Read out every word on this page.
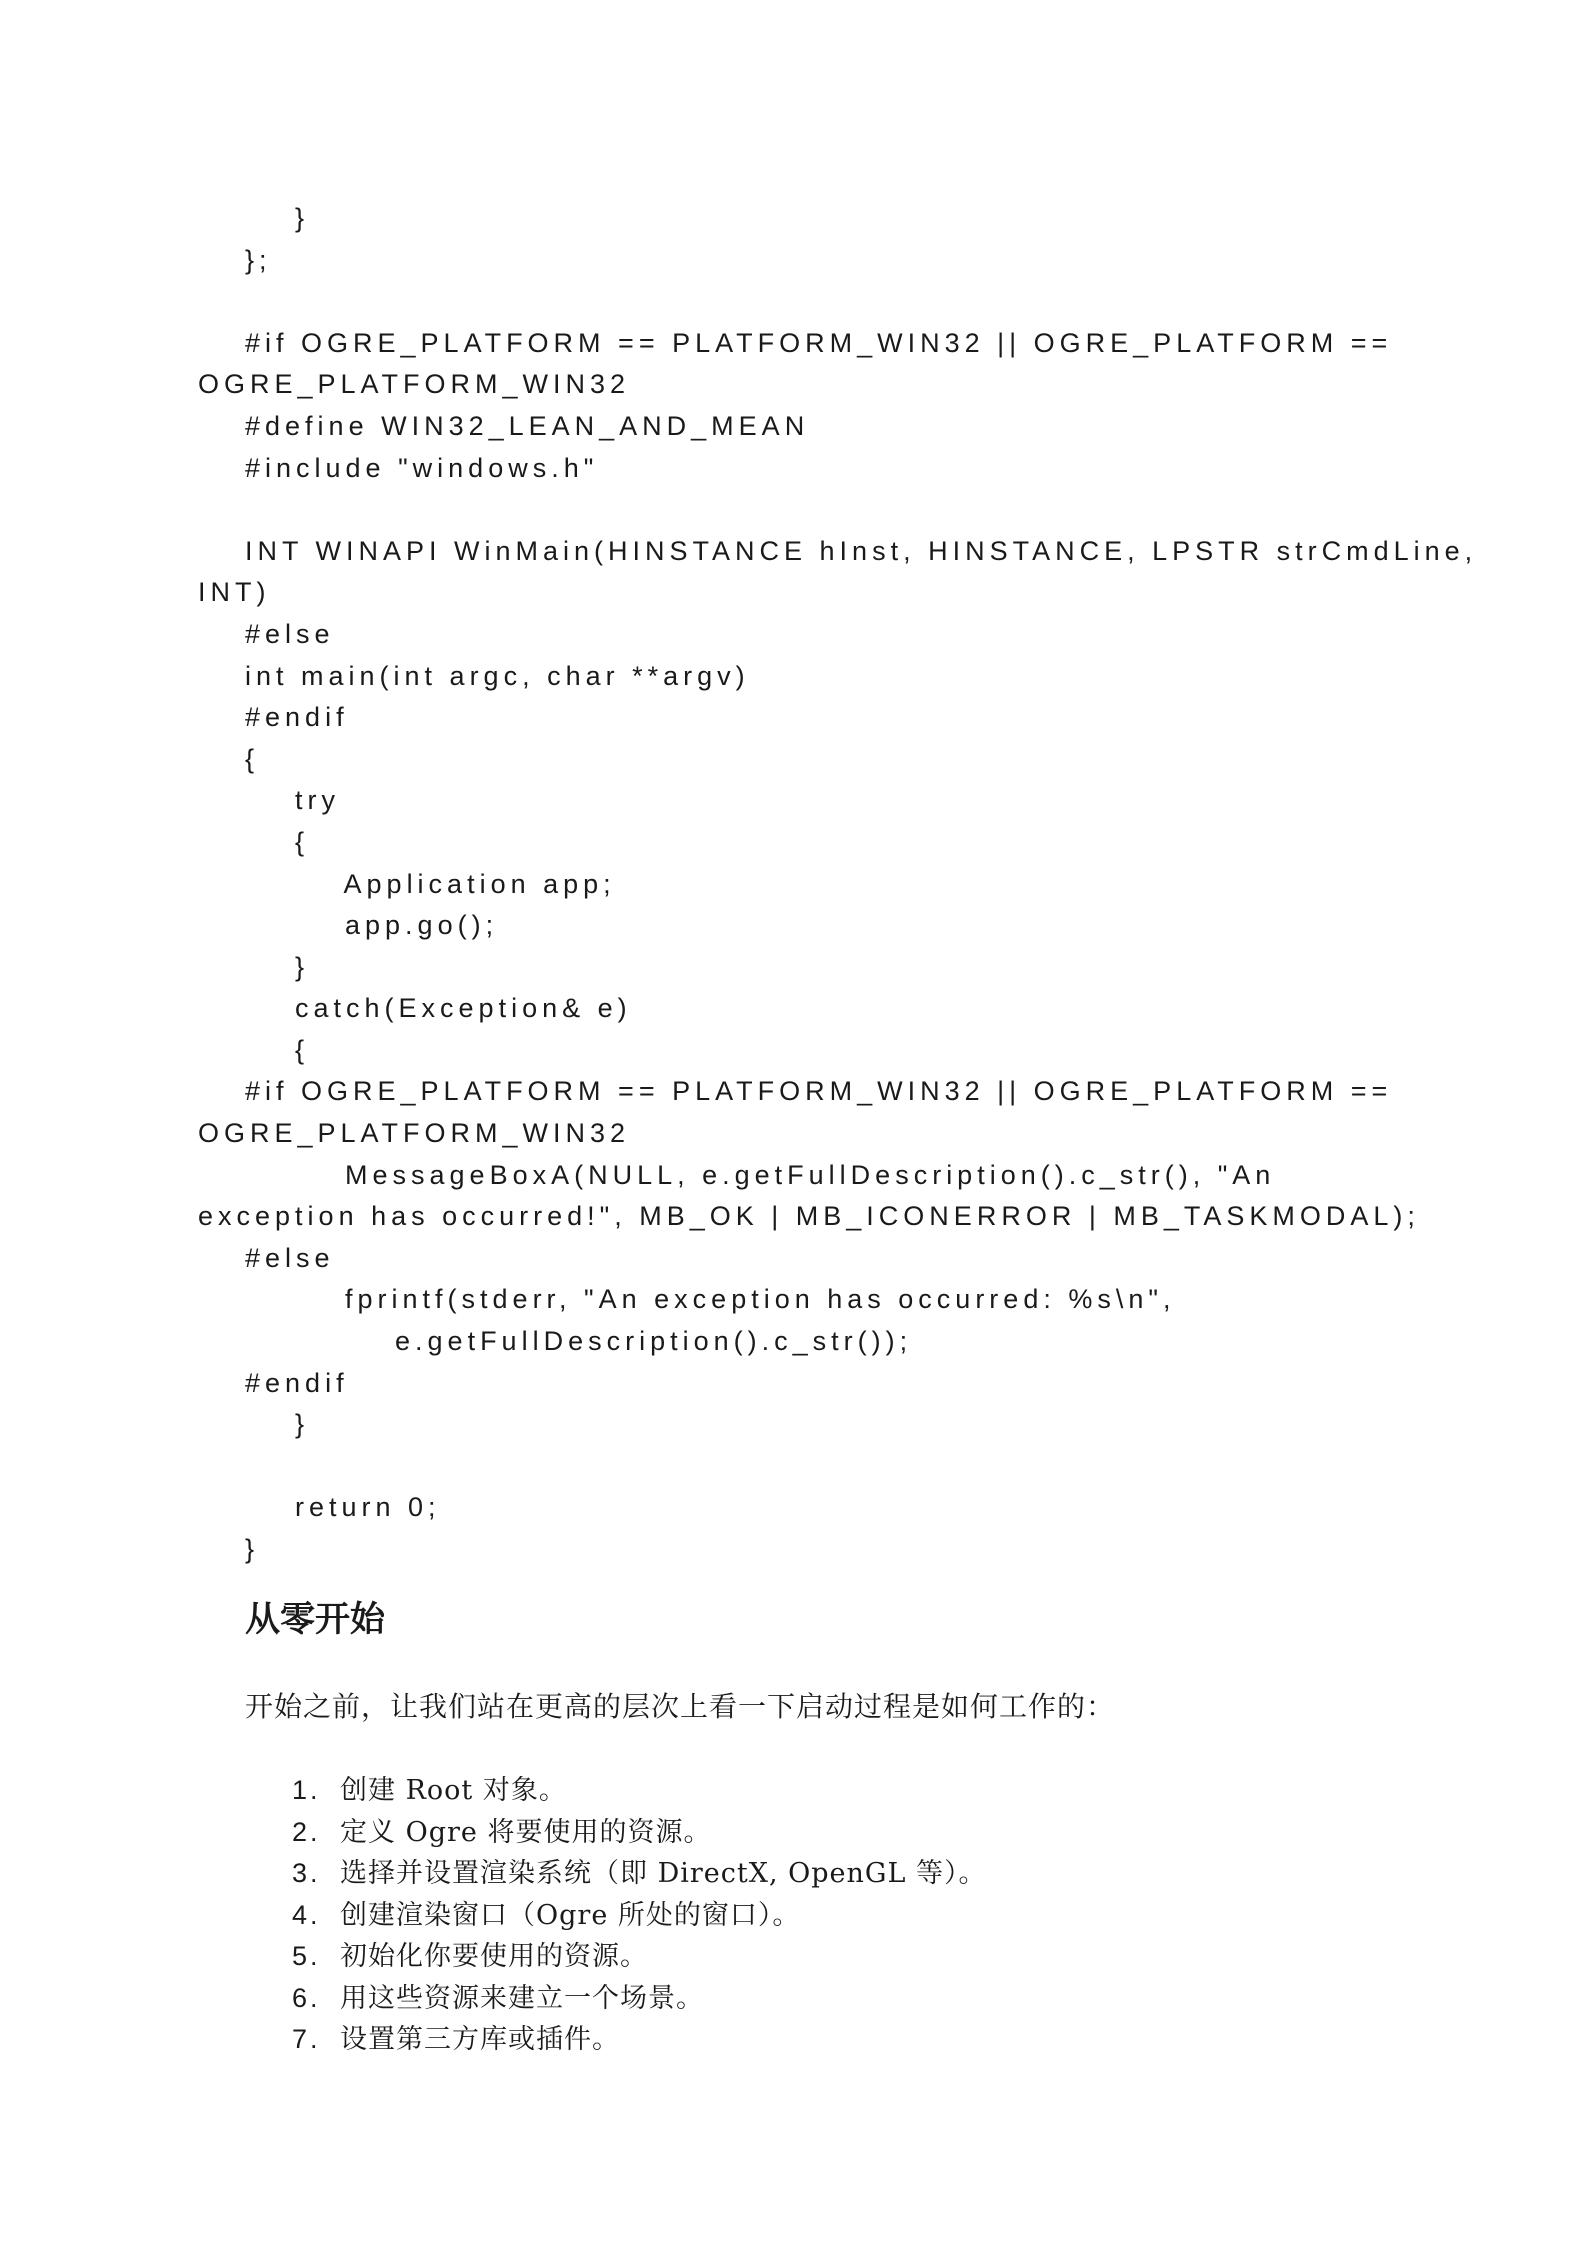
}
};
#if OGRE_PLATFORM == PLATFORM_WIN32 || OGRE_PLATFORM ==
OGRE_PLATFORM_WIN32
#define WIN32_LEAN_AND_MEAN
#include "windows.h"
INT WINAPI WinMain(HINSTANCE hInst, HINSTANCE, LPSTR strCmdLine,
INT)
#else
int main(int argc, char **argv)
#endif
{
try
{
Application app;
app.go();
}
catch(Exception& e)
{
#if OGRE_PLATFORM == PLATFORM_WIN32 || OGRE_PLATFORM ==
OGRE_PLATFORM_WIN32
MessageBoxA(NULL, e.getFullDescription().c_str(), "An
exception has occurred!", MB_OK | MB_ICONERROR | MB_TASKMODAL);
#else
fprintf(stderr, "An exception has occurred: %s\n",
e.getFullDescription().c_str());
#endif
}
return 0;
}
从零开始

开始之前，让我们站在更高的层次上看一下启动过程是如何工作的：

1. 创建 Root 对象。
2. 定义 Ogre 将要使用的资源。
3. 选择并设置渲染系统（即 DirectX, OpenGL 等）。
4. 创建渲染窗口（Ogre 所处的窗口）。
5. 初始化你要使用的资源。
6. 用这些资源来建立一个场景。
7. 设置第三方库或插件。
